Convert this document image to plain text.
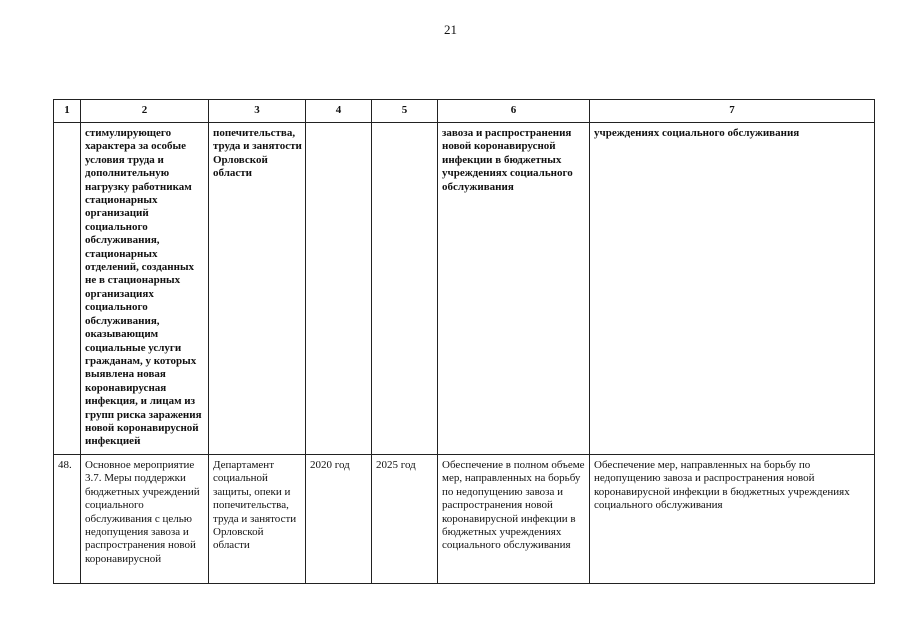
21
1	2	3	4	5	6	7
	стимулирующего характера за особые условия труда и дополнительную нагрузку работникам стационарных организаций социального обслуживания, стационарных отделений, созданных не в стационарных организациях социального обслуживания, оказывающим социальные услуги гражданам, у которых выявлена новая коронавирусная инфекция, и лицам из групп риска заражения новой коронавирусной инфекцией	попечительства, труда и занятости Орловской области			завоза и распространения новой коронавирусной инфекции в бюджетных учреждениях социального обслуживания	учреждениях социального обслуживания
48.	Основное мероприятие 3.7. Меры поддержки бюджетных учреждений социального обслуживания с целью недопущения завоза и распространения новой коронавирусной	Департамент социальной защиты, опеки и попечительства, труда и занятости Орловской области	2020 год	2025 год	Обеспечение в полном объеме мер, направленных на борьбу по недопущению завоза и распространения новой коронавирусной инфекции в бюджетных учреждениях социального обслуживания	Обеспечение мер, направленных на борьбу по недопущению завоза и распространения новой коронавирусной инфекции в бюджетных учреждениях социального обслуживания
